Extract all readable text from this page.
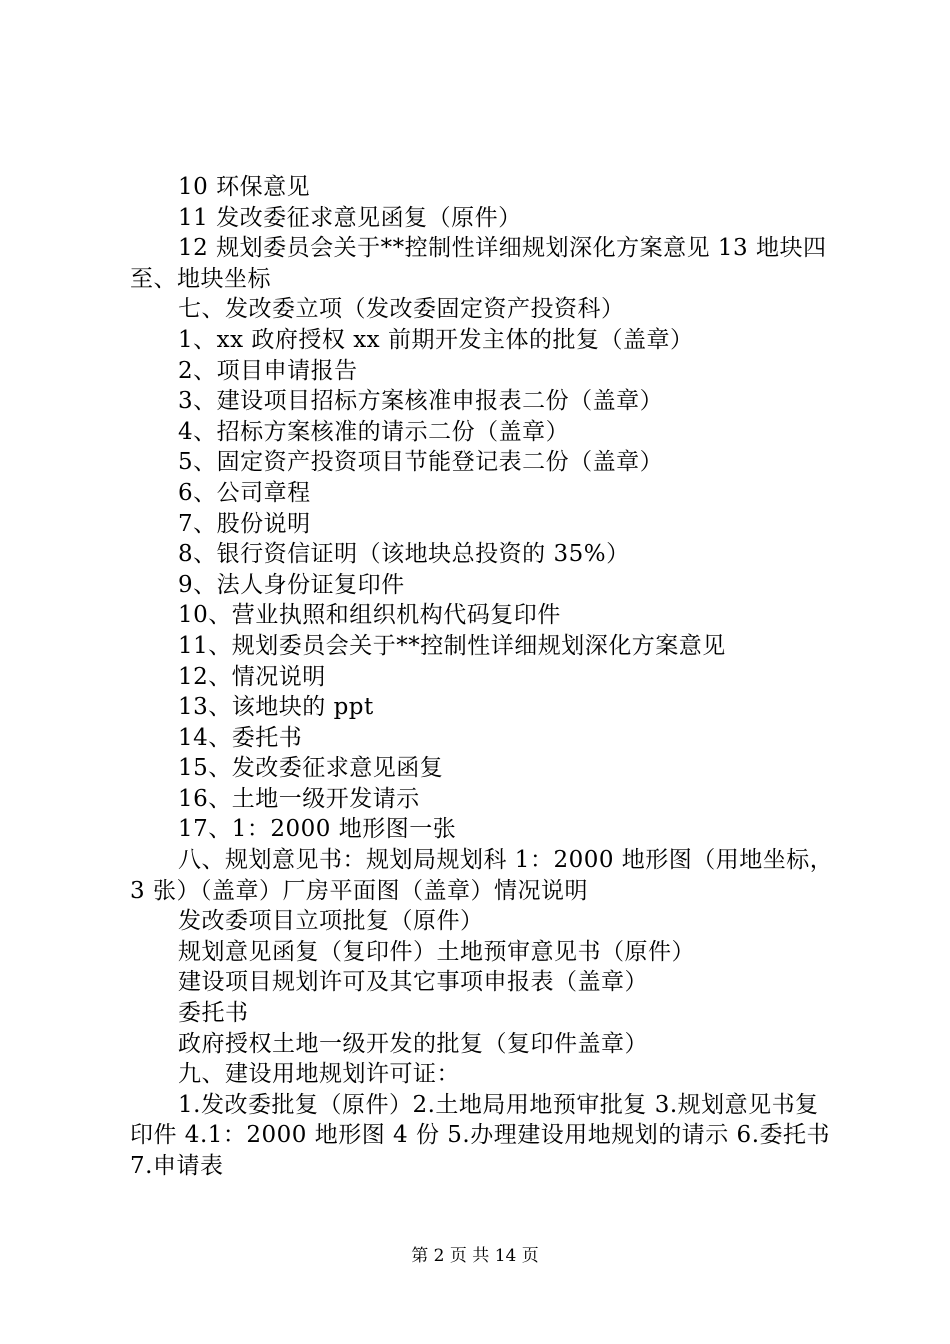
10 环保意见

11 发改委征求意见函复（原件）

12 规划委员会关于**控制性详细规划深化方案意见 13 地块四至、地块坐标

七、发改委立项（发改委固定资产投资科）

1、xx 政府授权 xx 前期开发主体的批复（盖章）

2、项目申请报告

3、建设项目招标方案核准申报表二份（盖章）

4、招标方案核准的请示二份（盖章）

5、固定资产投资项目节能登记表二份（盖章）

6、公司章程

7、股份说明

8、银行资信证明（该地块总投资的 35%）

9、法人身份证复印件

10、营业执照和组织机构代码复印件

11、规划委员会关于**控制性详细规划深化方案意见

12、情况说明

13、该地块的 ppt

14、委托书

15、发改委征求意见函复

16、土地一级开发请示

17、1：2000 地形图一张

八、规划意见书：规划局规划科 1：2000 地形图（用地坐标，3 张）（盖章）厂房平面图（盖章）情况说明

发改委项目立项批复（原件）

规划意见函复（复印件）土地预审意见书（原件）

建设项目规划许可及其它事项申报表（盖章）

委托书

政府授权土地一级开发的批复（复印件盖章）

九、建设用地规划许可证：

1.发改委批复（原件）2.土地局用地预审批复 3.规划意见书复印件 4.1：2000 地形图 4 份 5.办理建设用地规划的请示 6.委托书 7.申请表

第 2 页 共 14 页
